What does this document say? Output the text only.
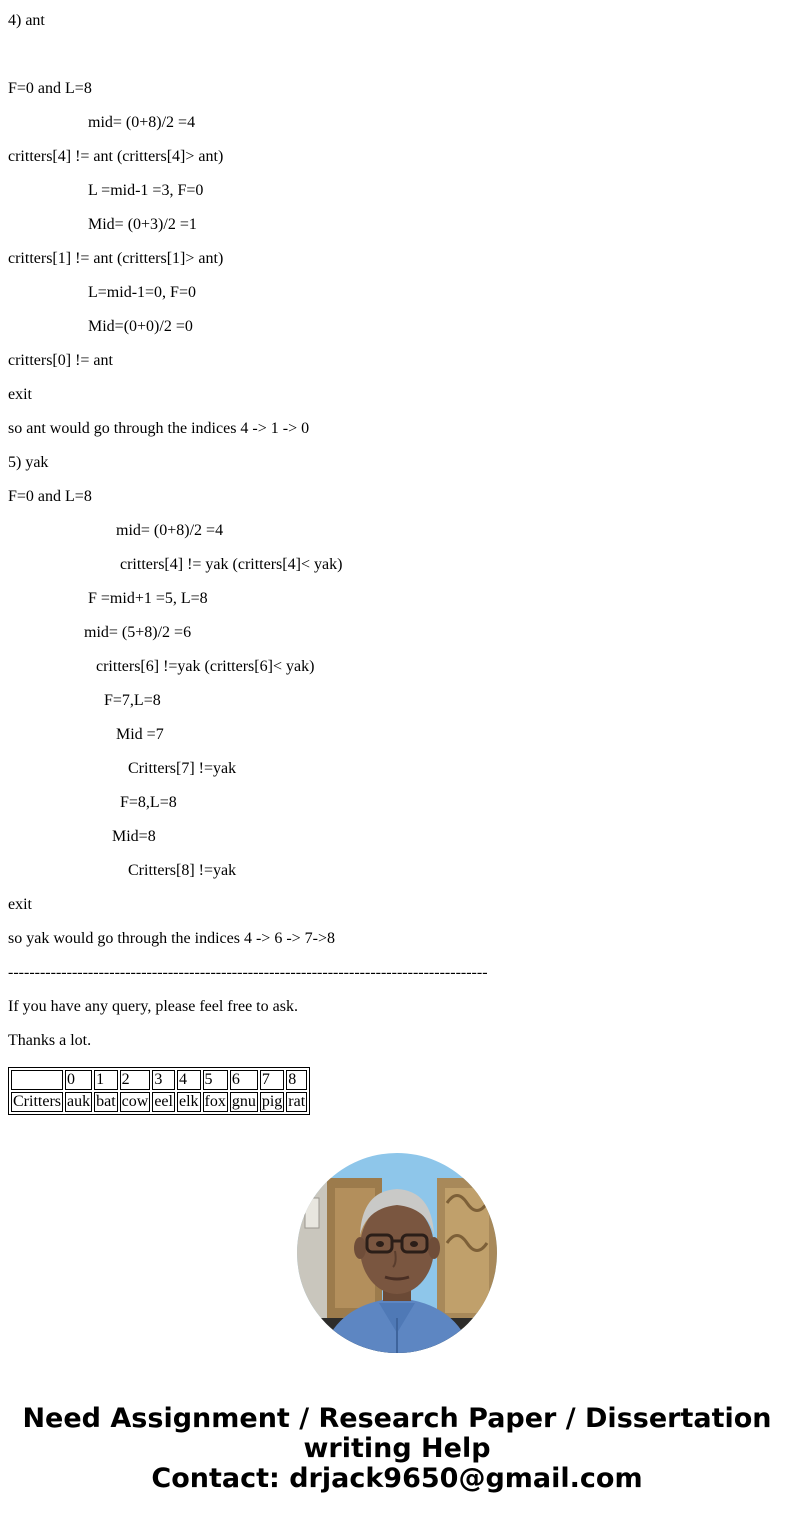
4) ant
F=0 and L=8
mid= (0+8)/2 =4
critters[4] != ant (critters[4]> ant)
L =mid-1 =3, F=0
Mid= (0+3)/2 =1
critters[1] != ant (critters[1]> ant)
L=mid-1=0, F=0
Mid=(0+0)/2 =0
critters[0] != ant
exit
so ant would go through the indices 4 -> 1 -> 0
5) yak
F=0 and L=8
mid= (0+8)/2 =4
critters[4] != yak (critters[4]< yak)
F =mid+1 =5, L=8
mid= (5+8)/2 =6
critters[6] !=yak (critters[6]< yak)
F=7,L=8
Mid =7
Critters[7] !=yak
F=8,L=8
Mid=8
Critters[8] !=yak
exit
so yak would go through the indices 4 -> 6 -> 7->8
------------------------------------------------------------------------------------------
If you have any query, please feel free to ask.
Thanks a lot.
	0	1	2	3	4	5	6	7	8
Critters	auk	bat	cow	eel	elk	fox	gnu	pig	rat
Need Assignment / Research Paper / Dissertation
writing Help
Contact: drjack9650@gmail.com
